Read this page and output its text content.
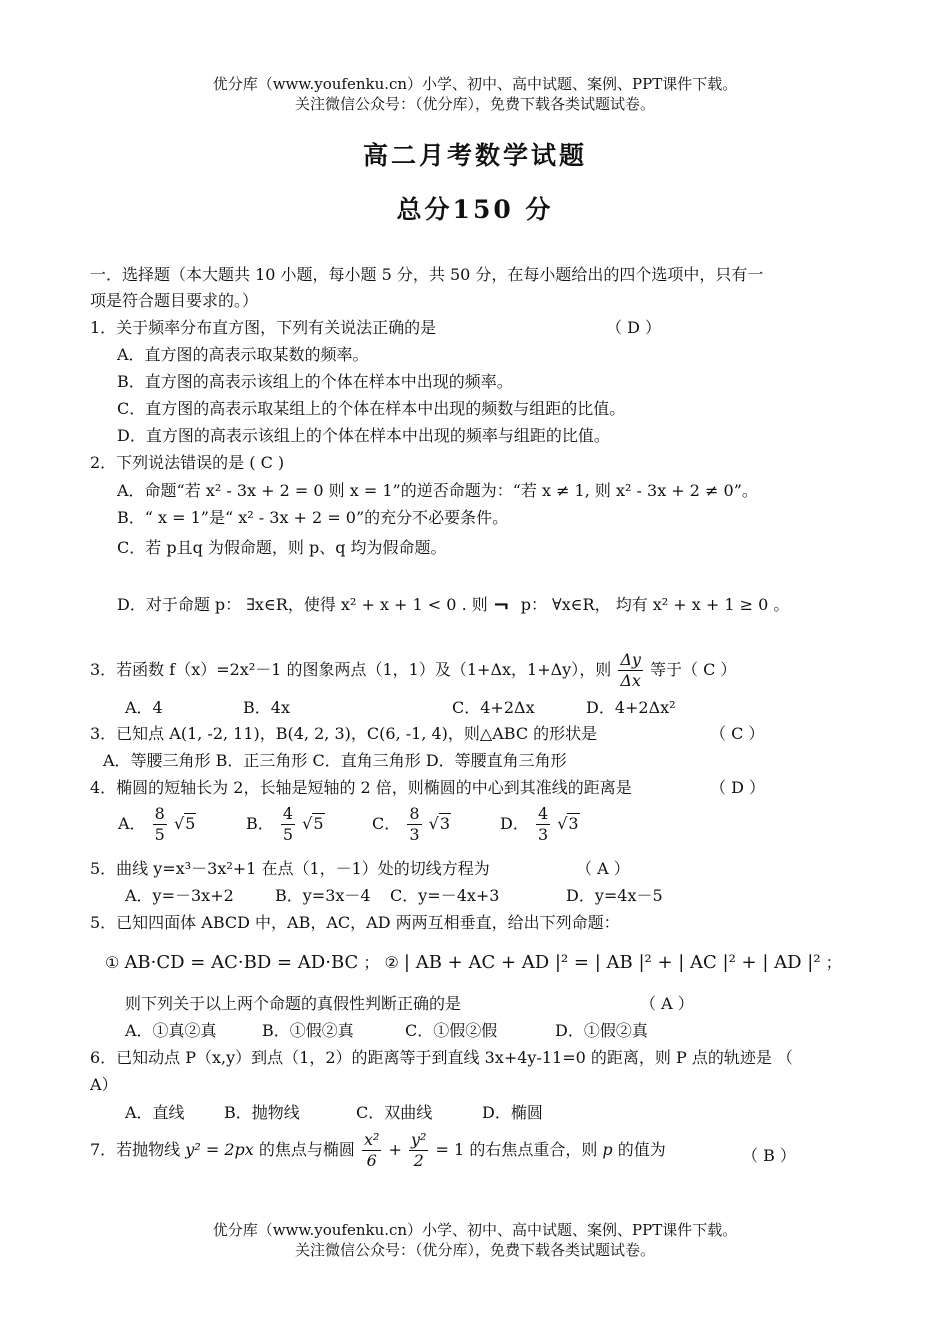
优分库（www.youfenku.cn）小学、初中、高中试题、案例、PPT课件下载。
关注微信公众号：（优分库），免费下载各类试题试卷。
高二月考数学试题
总分150 分
一．选择题（本大题共 10 小题，每小题 5 分，共 50 分，在每小题给出的四个选项中，只有一
项是符合题目要求的。）
1．关于频率分布直方图，下列有关说法正确的是	（ D ）
A．直方图的高表示取某数的频率。
B．直方图的高表示该组上的个体在样本中出现的频率。
C．直方图的高表示取某组上的个体在样本中出现的频数与组距的比值。
D．直方图的高表示该组上的个体在样本中出现的频率与组距的比值。
2．下列说法错误的是 ( C )
A．命题“若 x² - 3x + 2 = 0 则 x = 1”的逆否命题为：“若 x ≠ 1, 则 x² - 3x + 2 ≠ 0”。
B．“ x = 1”是“ x² - 3x + 2 = 0”的充分不必要条件。
C．若 p且q 为假命题，则 p、q 均为假命题。
D．对于命题 p： ∃x∈R，使得 x² + x + 1 < 0 . 则 ¬ p： ∀x∈R， 均有 x² + x + 1 ≥ 0 。
3．若函数 f（x）=2x²－1 的图象两点（1，1）及（1+Δx，1+Δy），则 $\frac{\Delta y}{\Delta x}$ 等于（ C ）
A．4	B．4x	C．4+2Δx	D．4+2Δx²
3．已知点 A(1, -2, 11)，B(4, 2, 3)，C(6, -1, 4)，则△ABC 的形状是	（ C ）
A．等腰三角形 B．正三角形 C．直角三角形 D．等腰直角三角形
4．椭圆的短轴长为 2，长轴是短轴的 2 倍，则椭圆的中心到其准线的距离是	（ D ）
A． $\frac{8}{5} √5$	B． $\frac{4}{5} √5$	C． $\frac{8}{3} √3$	D． $\frac{4}{3} √3$
5．曲线 y=x³－3x²+1 在点（1，－1）处的切线方程为	（ A ）
A．y=－3x+2	B．y=3x－4 C．y=－4x+3	D．y=4x－5
5．已知四面体 ABCD 中，AB，AC，AD 两两互相垂直，给出下列命题：
① AB·CD = AC·BD = AD·BC ； ② | AB + AC + AD |² = | AB |² + | AC |² + | AD |² ；
则下列关于以上两个命题的真假性判断正确的是	（ A ）
A．①真②真	B．①假②真	C．①假②假	D．①假②真
6．已知动点 P（x,y）到点（1，2）的距离等于到直线 3x+4y-11=0 的距离，则 P 点的轨迹是 （
A）
A．直线 B．抛物线	C．双曲线	D．椭圆
7．若抛物线 y² = 2px 的焦点与椭圆 $\frac{\text{x²}}{6} + \frac{\text{y²}}{2} = 1$ 的右焦点重合，则 p 的值为	（ B ）
优分库（www.youfenku.cn）小学、初中、高中试题、案例、PPT课件下载。
关注微信公众号：（优分库），免费下载各类试题试卷。
